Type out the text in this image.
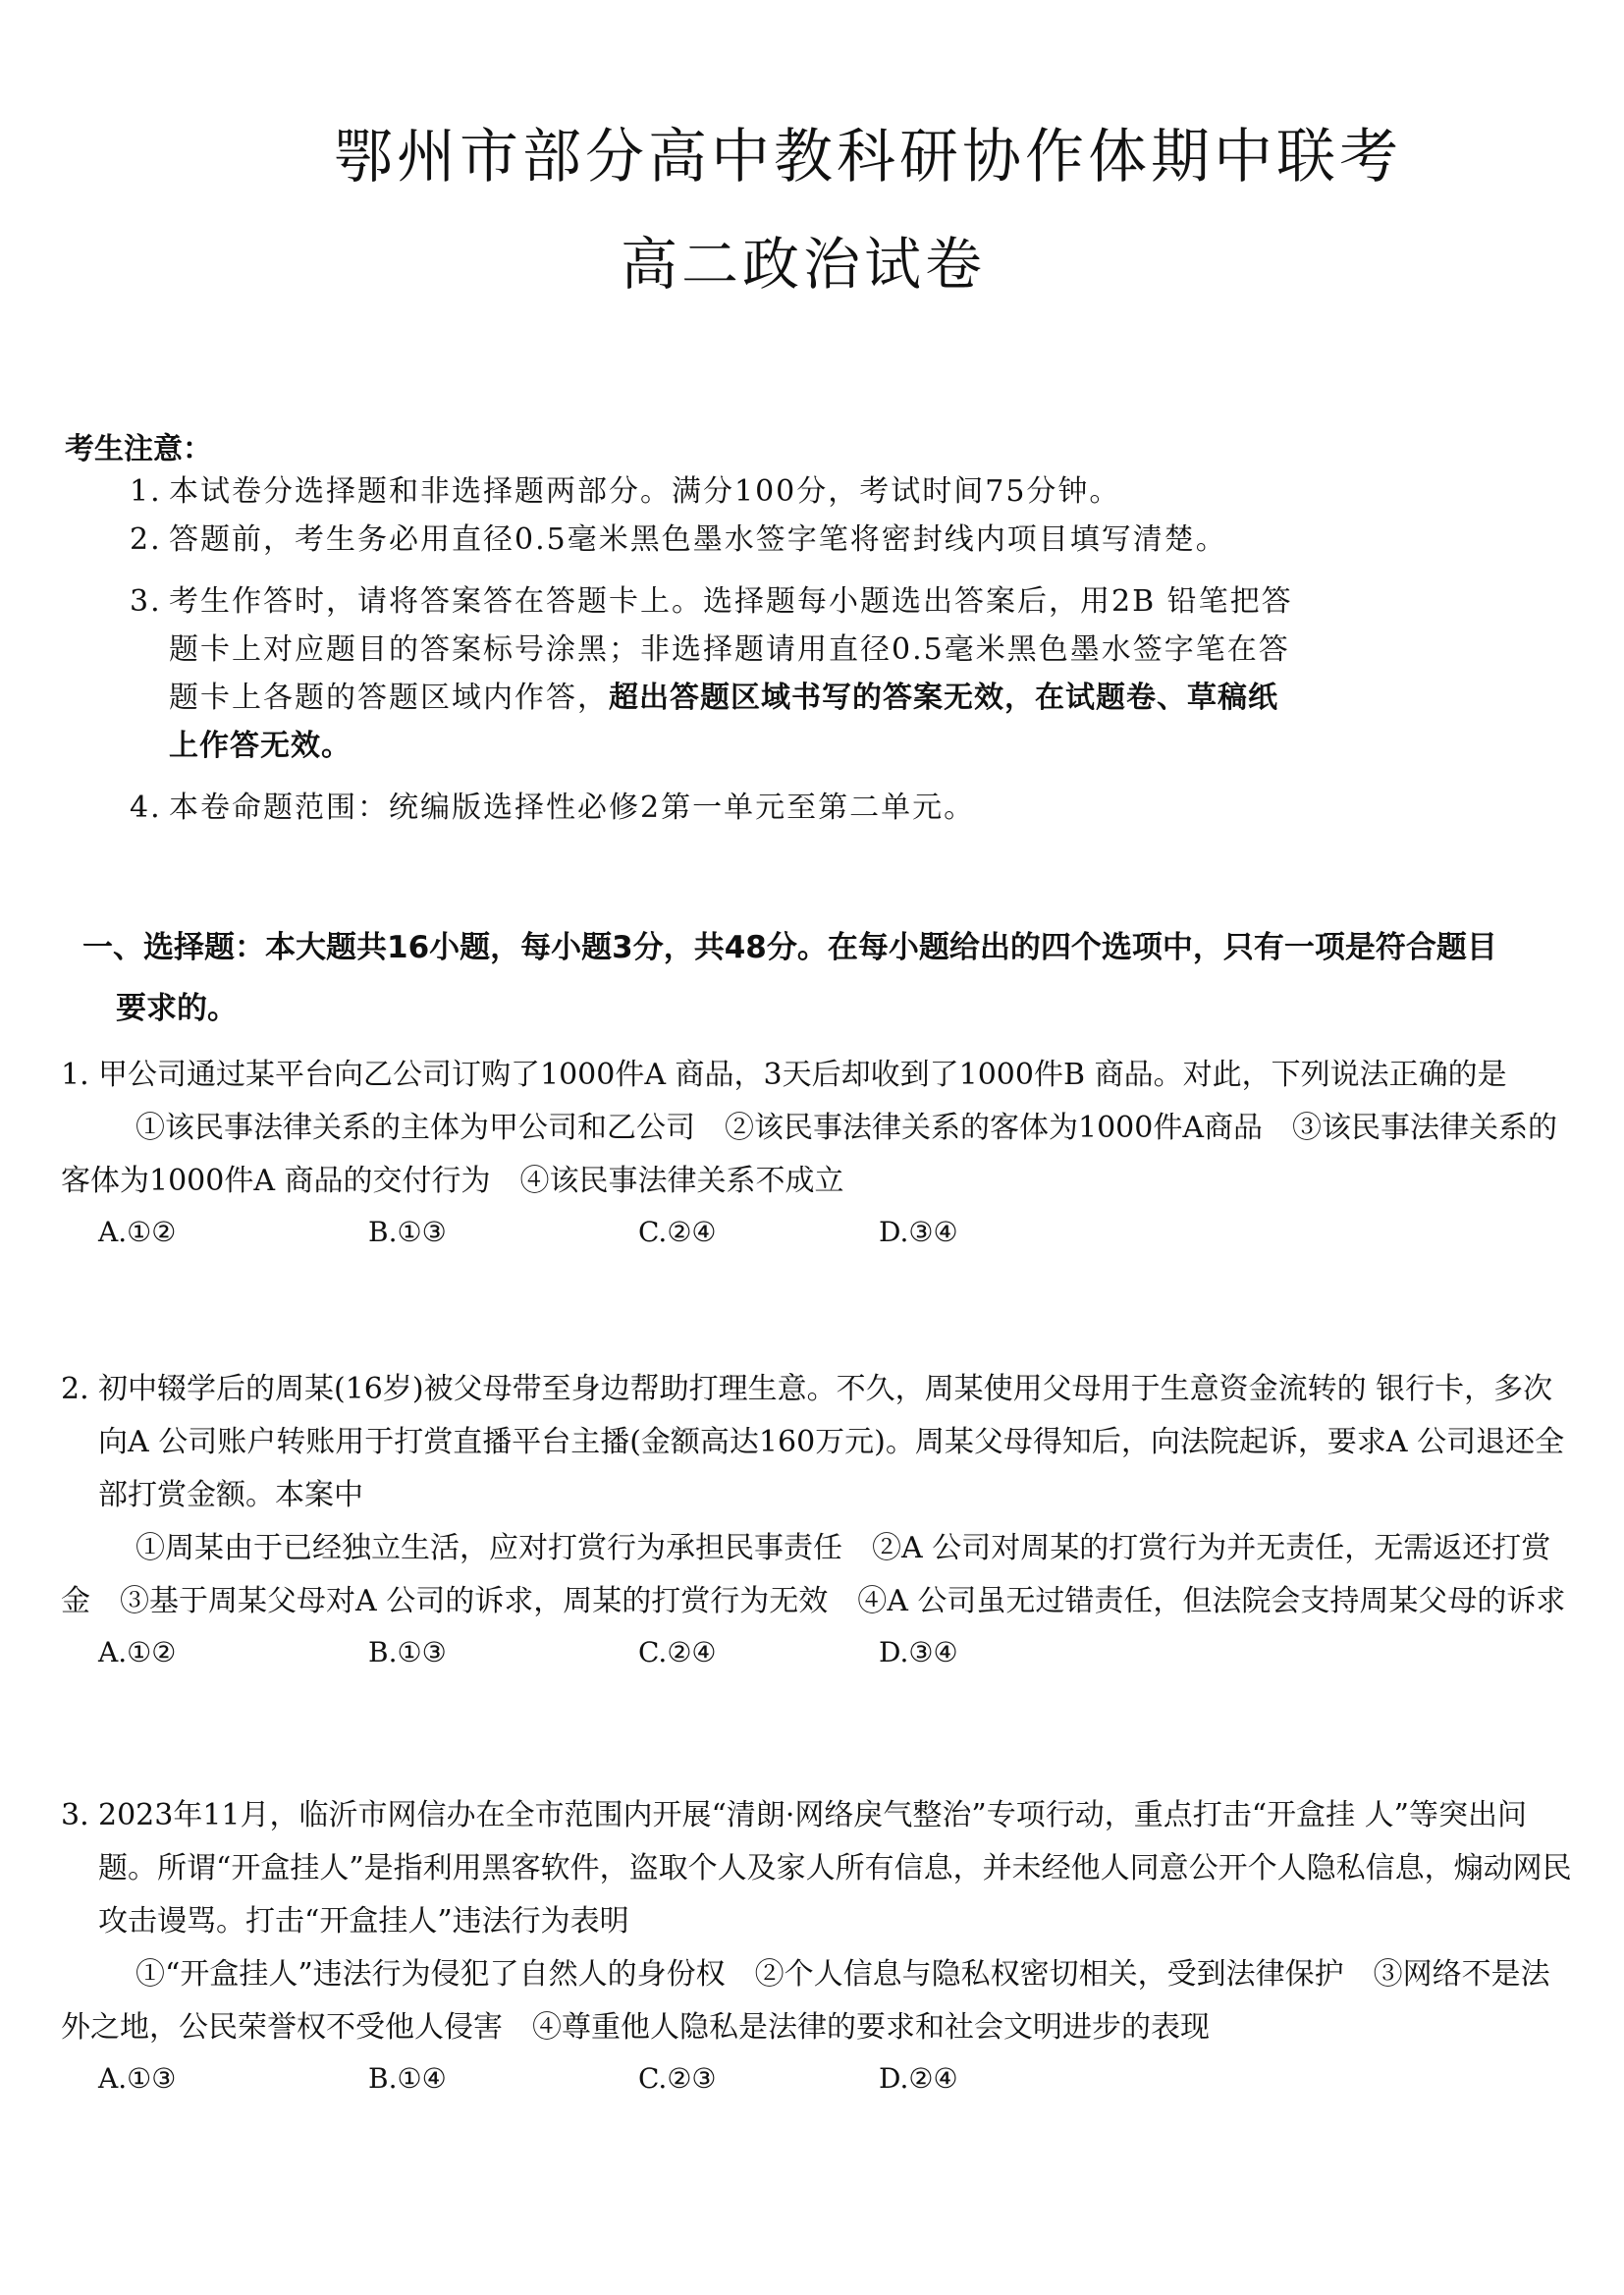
鄂州市部分高中教科研协作体期中联考
高二政治试卷
考生注意：
1. 本试卷分选择题和非选择题两部分。满分100分，考试时间75分钟。
2. 答题前，考生务必用直径0.5毫米黑色墨水签字笔将密封线内项目填写清楚。
3. 考生作答时，请将答案答在答题卡上。选择题每小题选出答案后，用2B 铅笔把答题卡上对应题目的答案标号涂黑；非选择题请用直径0.5毫米黑色墨水签字笔在答题卡上各题的答题区域内作答，超出答题区域书写的答案无效，在试题卷、草稿纸上作答无效。
4. 本卷命题范围：统编版选择性必修2第一单元至第二单元。
一、选择题：本大题共16小题，每小题3分，共48分。在每小题给出的四个选项中，只有一项是符合题目
要求的。
1. 甲公司通过某平台向乙公司订购了1000件A 商品，3天后却收到了1000件B 商品。对此，下列说法正确的是
①该民事法律关系的主体为甲公司和乙公司　②该民事法律关系的客体为1000件A商品　③该民事法律关系的客体为1000件A 商品的交付行为　④该民事法律关系不成立
A.①②	B.①③	C.②④	D.③④
2. 初中辍学后的周某(16岁)被父母带至身边帮助打理生意。不久，周某使用父母用于生意资金流转的 银行卡，多次向A 公司账户转账用于打赏直播平台主播(金额高达160万元)。周某父母得知后，向法院起诉，要求A 公司退还全部打赏金额。本案中
①周某由于已经独立生活，应对打赏行为承担民事责任　②A 公司对周某的打赏行为并无责任，无需返还打赏金　③基于周某父母对A 公司的诉求，周某的打赏行为无效　④A 公司虽无过错责任，但法院会支持周某父母的诉求
A.①②	B.①③	C.②④	D.③④
3. 2023年11月，临沂市网信办在全市范围内开展“清朗·网络戾气整治”专项行动，重点打击“开盒挂 人”等突出问题。所谓“开盒挂人”是指利用黑客软件，盗取个人及家人所有信息，并未经他人同意公开个人隐私信息，煽动网民攻击谩骂。打击“开盒挂人”违法行为表明
①“开盒挂人”违法行为侵犯了自然人的身份权　②个人信息与隐私权密切相关，受到法律保护　③网络不是法外之地，公民荣誉权不受他人侵害　④尊重他人隐私是法律的要求和社会文明进步的表现
A.①③	B.①④	C.②③	D.②④
